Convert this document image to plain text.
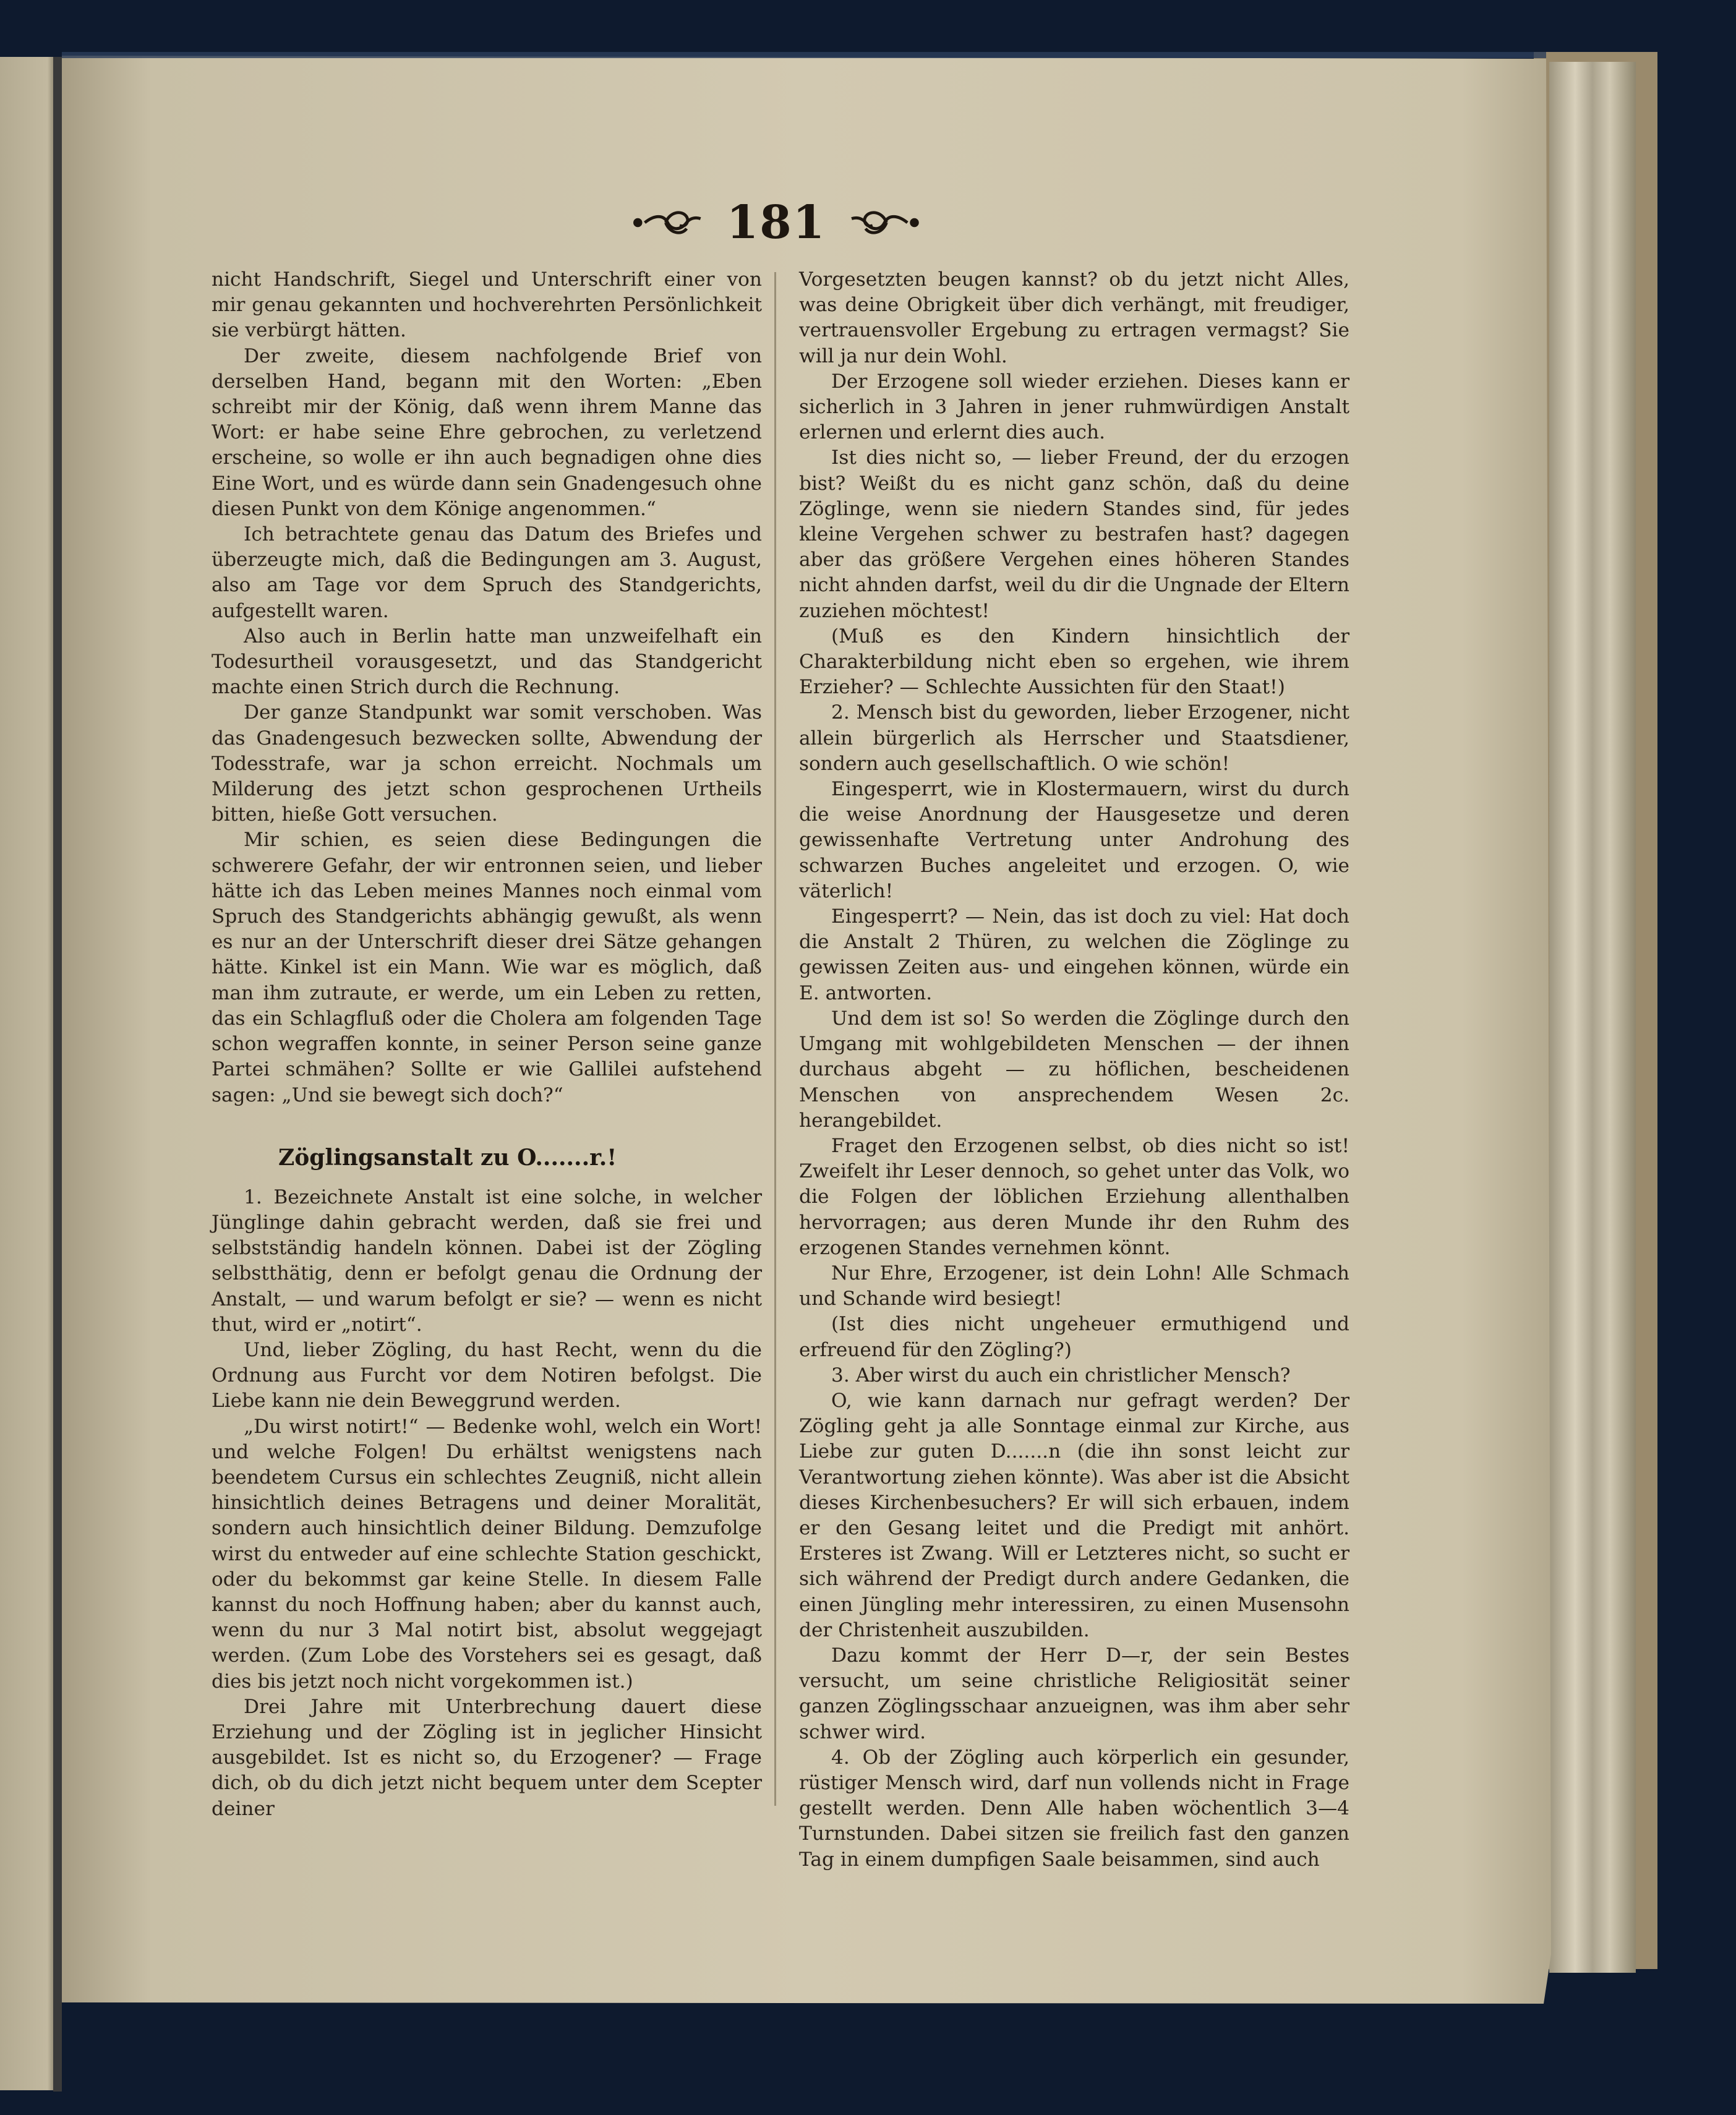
181

nicht Handschrift, Siegel und Unterschrift einer von mir genau gekannten und hochverehrten Persönlichkeit sie verbürgt hätten.

Der zweite, diesem nachfolgende Brief von derselben Hand, begann mit den Worten: „Eben schreibt mir der König, daß wenn ihrem Manne das Wort: er habe seine Ehre gebrochen, zu verletzend erscheine, so wolle er ihn auch begnadigen ohne dies Eine Wort, und es würde dann sein Gnadengesuch ohne diesen Punkt von dem Könige angenommen.“

Ich betrachtete genau das Datum des Briefes und überzeugte mich, daß die Bedingungen am 3. August, also am Tage vor dem Spruch des Standgerichts, aufgestellt waren.

Also auch in Berlin hatte man unzweifelhaft ein Todesurtheil vorausgesetzt, und das Standgericht machte einen Strich durch die Rechnung.

Der ganze Standpunkt war somit verschoben. Was das Gnadengesuch bezwecken sollte, Abwendung der Todesstrafe, war ja schon erreicht. Nochmals um Milderung des jetzt schon gesprochenen Urtheils bitten, hieße Gott versuchen.

Mir schien, es seien diese Bedingungen die schwerere Gefahr, der wir entronnen seien, und lieber hätte ich das Leben meines Mannes noch einmal vom Spruch des Standgerichts abhängig gewußt, als wenn es nur an der Unterschrift dieser drei Sätze gehangen hätte. Kinkel ist ein Mann. Wie war es möglich, daß man ihm zutraute, er werde, um ein Leben zu retten, das ein Schlagfluß oder die Cholera am folgenden Tage schon wegraffen konnte, in seiner Person seine ganze Partei schmähen? Sollte er wie Gallilei aufstehend sagen: „Und sie bewegt sich doch?“

Zöglingsanstalt zu O.......r.!

1. Bezeichnete Anstalt ist eine solche, in welcher Jünglinge dahin gebracht werden, daß sie frei und selbstständig handeln können. Dabei ist der Zögling selbstthätig, denn er befolgt genau die Ordnung der Anstalt, — und warum befolgt er sie? — wenn es nicht thut, wird er „notirt“.

Und, lieber Zögling, du hast Recht, wenn du die Ordnung aus Furcht vor dem Notiren befolgst. Die Liebe kann nie dein Beweggrund werden.

„Du wirst notirt!“ — Bedenke wohl, welch ein Wort! und welche Folgen! Du erhältst wenigstens nach beendetem Cursus ein schlechtes Zeugniß, nicht allein hinsichtlich deines Betragens und deiner Moralität, sondern auch hinsichtlich deiner Bildung. Demzufolge wirst du entweder auf eine schlechte Station geschickt, oder du bekommst gar keine Stelle. In diesem Falle kannst du noch Hoffnung haben; aber du kannst auch, wenn du nur 3 Mal notirt bist, absolut weggejagt werden. (Zum Lobe des Vorstehers sei es gesagt, daß dies bis jetzt noch nicht vorgekommen ist.)

Drei Jahre mit Unterbrechung dauert diese Erziehung und der Zögling ist in jeglicher Hinsicht ausgebildet. Ist es nicht so, du Erzogener? — Frage dich, ob du dich jetzt nicht bequem unter dem Scepter deiner

Vorgesetzten beugen kannst? ob du jetzt nicht Alles, was deine Obrigkeit über dich verhängt, mit freudiger, vertrauensvoller Ergebung zu ertragen vermagst? Sie will ja nur dein Wohl.

Der Erzogene soll wieder erziehen. Dieses kann er sicherlich in 3 Jahren in jener ruhmwürdigen Anstalt erlernen und erlernt dies auch.

Ist dies nicht so, — lieber Freund, der du erzogen bist? Weißt du es nicht ganz schön, daß du deine Zöglinge, wenn sie niedern Standes sind, für jedes kleine Vergehen schwer zu bestrafen hast? dagegen aber das größere Vergehen eines höheren Standes nicht ahnden darfst, weil du dir die Ungnade der Eltern zuziehen möchtest!

(Muß es den Kindern hinsichtlich der Charakterbildung nicht eben so ergehen, wie ihrem Erzieher? — Schlechte Aussichten für den Staat!)

2. Mensch bist du geworden, lieber Erzogener, nicht allein bürgerlich als Herrscher und Staatsdiener, sondern auch gesellschaftlich. O wie schön!

Eingesperrt, wie in Klostermauern, wirst du durch die weise Anordnung der Hausgesetze und deren gewissenhafte Vertretung unter Androhung des schwarzen Buches angeleitet und erzogen. O, wie väterlich!

Eingesperrt? — Nein, das ist doch zu viel: Hat doch die Anstalt 2 Thüren, zu welchen die Zöglinge zu gewissen Zeiten aus- und eingehen können, würde ein E. antworten.

Und dem ist so! So werden die Zöglinge durch den Umgang mit wohlgebildeten Menschen — der ihnen durchaus abgeht — zu höflichen, bescheidenen Menschen von ansprechendem Wesen 2c. herangebildet.

Fraget den Erzogenen selbst, ob dies nicht so ist! Zweifelt ihr Leser dennoch, so gehet unter das Volk, wo die Folgen der löblichen Erziehung allenthalben hervorragen; aus deren Munde ihr den Ruhm des erzogenen Standes vernehmen könnt.

Nur Ehre, Erzogener, ist dein Lohn! Alle Schmach und Schande wird besiegt!

(Ist dies nicht ungeheuer ermuthigend und erfreuend für den Zögling?)

3. Aber wirst du auch ein christlicher Mensch?

O, wie kann darnach nur gefragt werden? Der Zögling geht ja alle Sonntage einmal zur Kirche, aus Liebe zur guten D.......n (die ihn sonst leicht zur Verantwortung ziehen könnte). Was aber ist die Absicht dieses Kirchenbesuchers? Er will sich erbauen, indem er den Gesang leitet und die Predigt mit anhört. Ersteres ist Zwang. Will er Letzteres nicht, so sucht er sich während der Predigt durch andere Gedanken, die einen Jüngling mehr interessiren, zu einen Musensohn der Christenheit auszubilden.

Dazu kommt der Herr D—r, der sein Bestes versucht, um seine christliche Religiosität seiner ganzen Zöglingsschaar anzueignen, was ihm aber sehr schwer wird.

4. Ob der Zögling auch körperlich ein gesunder, rüstiger Mensch wird, darf nun vollends nicht in Frage gestellt werden. Denn Alle haben wöchentlich 3—4 Turnstunden. Dabei sitzen sie freilich fast den ganzen Tag in einem dumpfigen Saale beisammen, sind auch
